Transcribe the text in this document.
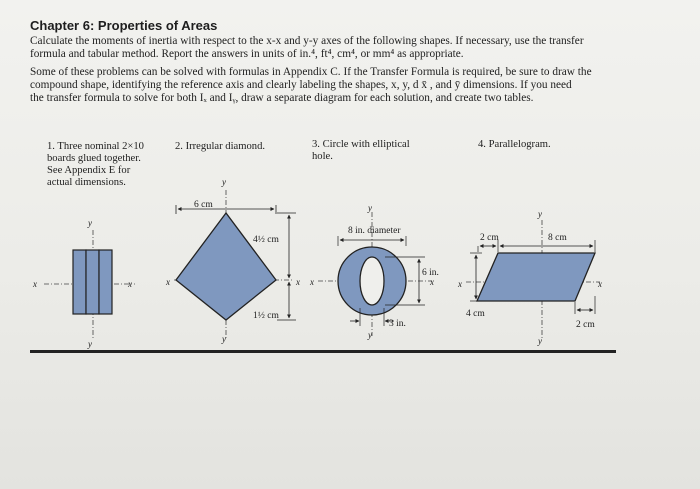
Chapter 6: Properties of Areas
Calculate the moments of inertia with respect to the x-x and y-y axes of the following shapes. If necessary, use the transfer
formula and tabular method. Report the answers in units of in.⁴, ft⁴, cm⁴, or mm⁴ as appropriate.
Some of these problems can be solved with formulas in Appendix C. If the Transfer Formula is required, be sure to draw the
compound shape, identifying the reference axis and clearly labeling the shapes, x, y, d x̄ , and ȳ dimensions. If you need
the transfer formula to solve for both Iₓ and Iᵧ, draw a separate diagram for each solution, and create two tables.
1. Three nominal 2×10
boards glued together.
See Appendix E for
actual dimensions.
2. Irregular diamond.	3. Circle with elliptical
hole.
4. Parallelogram.
x	x
y
y
6 cm
4½ cm
1½ cm
x	x
y
y
8 in. diameter
6 in.
3 in.
x	x
y
y
2 cm	8 cm
4 cm
2 cm
x	x
y
y
